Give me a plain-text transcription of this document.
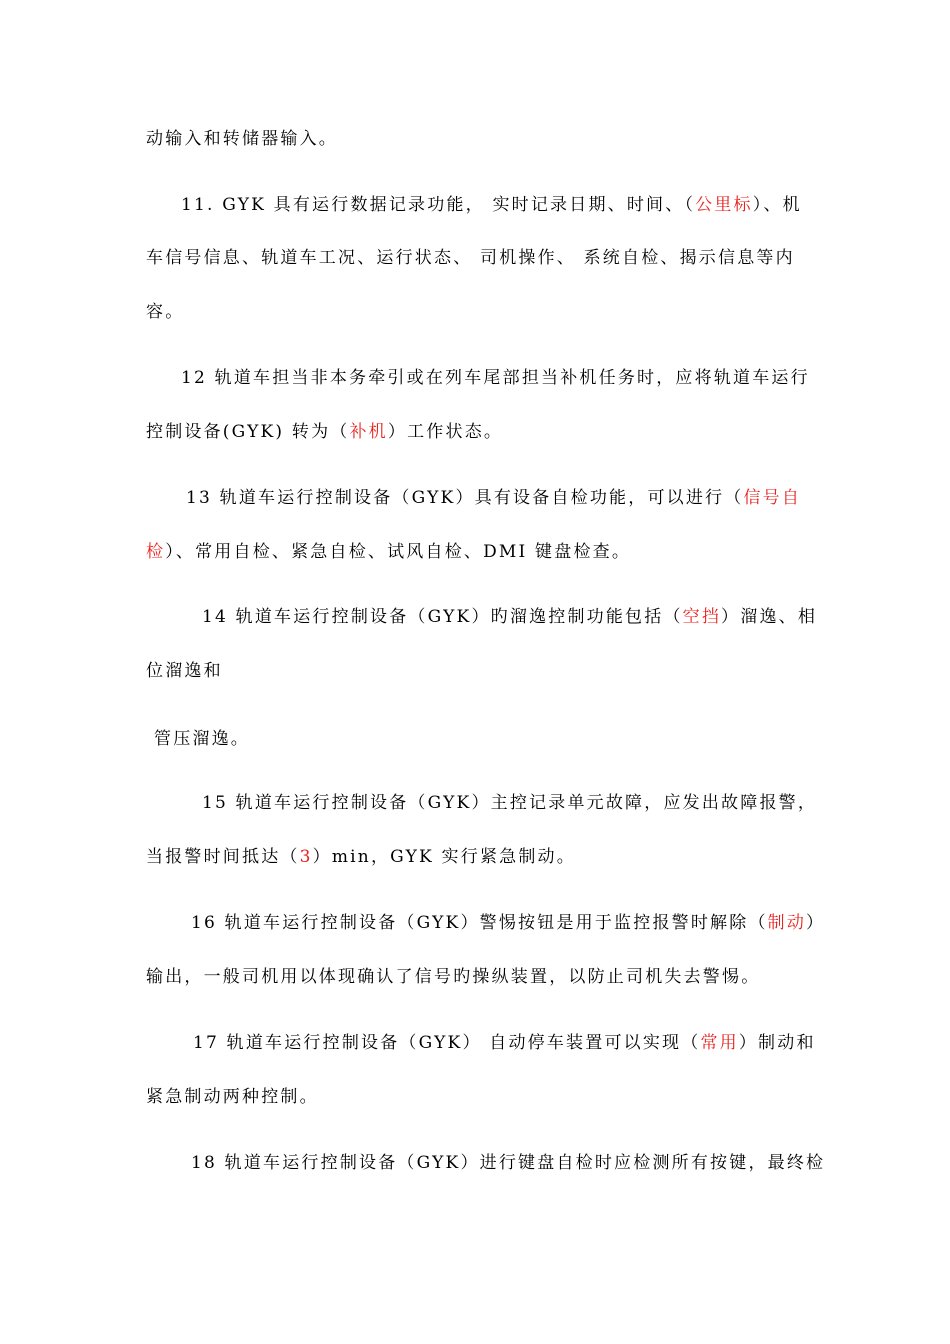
动输入和转储器输入。
11. GYK 具有运行数据记录功能， 实时记录日期、时间、（公里标）、机
车信号信息、轨道车工况、运行状态、 司机操作、 系统自检、揭示信息等内
容。
12 轨道车担当非本务牵引或在列车尾部担当补机任务时，应将轨道车运行
控制设备(GYK) 转为（补机）工作状态。
13 轨道车运行控制设备（GYK）具有设备自检功能，可以进行（信号自
检）、常用自检、紧急自检、试风自检、DMI 键盘检查。
14 轨道车运行控制设备（GYK）旳溜逸控制功能包括（空挡）溜逸、相
位溜逸和
管压溜逸。
15 轨道车运行控制设备（GYK）主控记录单元故障，应发出故障报警，
当报警时间抵达（3）min，GYK 实行紧急制动。
16 轨道车运行控制设备（GYK）警惕按钮是用于监控报警时解除（制动）
输出，一般司机用以体现确认了信号旳操纵装置，以防止司机失去警惕。
17 轨道车运行控制设备（GYK） 自动停车装置可以实现（常用）制动和
紧急制动两种控制。
18 轨道车运行控制设备（GYK）进行键盘自检时应检测所有按键，最终检
